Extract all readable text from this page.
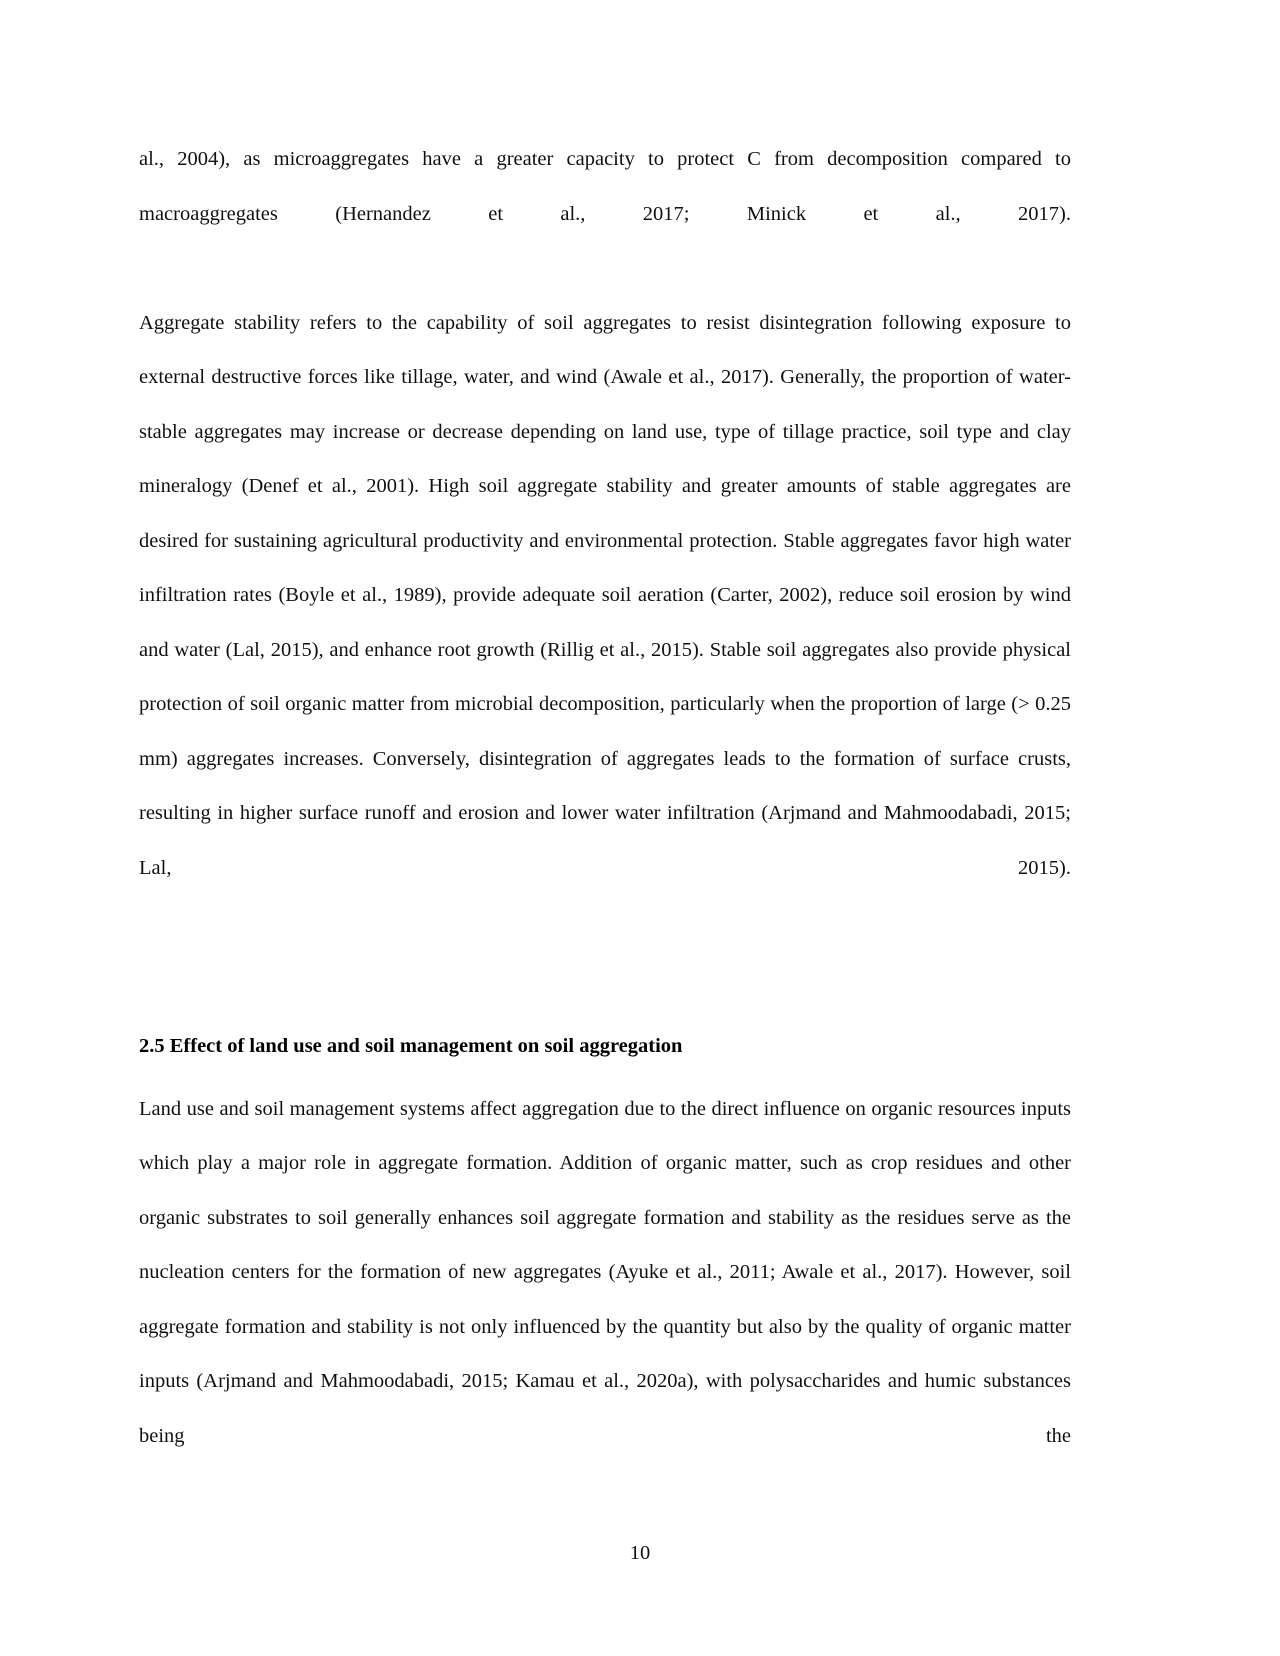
al., 2004), as microaggregates have a greater capacity to protect C from decomposition compared to macroaggregates (Hernandez et al., 2017; Minick et al., 2017).

Aggregate stability refers to the capability of soil aggregates to resist disintegration following exposure to external destructive forces like tillage, water, and wind (Awale et al., 2017). Generally, the proportion of water-stable aggregates may increase or decrease depending on land use, type of tillage practice, soil type and clay mineralogy (Denef et al., 2001). High soil aggregate stability and greater amounts of stable aggregates are desired for sustaining agricultural productivity and environmental protection. Stable aggregates favor high water infiltration rates (Boyle et al., 1989), provide adequate soil aeration (Carter, 2002), reduce soil erosion by wind and water (Lal, 2015), and enhance root growth (Rillig et al., 2015). Stable soil aggregates also provide physical protection of soil organic matter from microbial decomposition, particularly when the proportion of large (> 0.25 mm) aggregates increases. Conversely, disintegration of aggregates leads to the formation of surface crusts, resulting in higher surface runoff and erosion and lower water infiltration (Arjmand and Mahmoodabadi, 2015; Lal, 2015).

2.5 Effect of land use and soil management on soil aggregation

Land use and soil management systems affect aggregation due to the direct influence on organic resources inputs which play a major role in aggregate formation. Addition of organic matter, such as crop residues and other organic substrates to soil generally enhances soil aggregate formation and stability as the residues serve as the nucleation centers for the formation of new aggregates (Ayuke et al., 2011; Awale et al., 2017). However, soil aggregate formation and stability is not only influenced by the quantity but also by the quality of organic matter inputs (Arjmand and Mahmoodabadi, 2015; Kamau et al., 2020a), with polysaccharides and humic substances being the

10
